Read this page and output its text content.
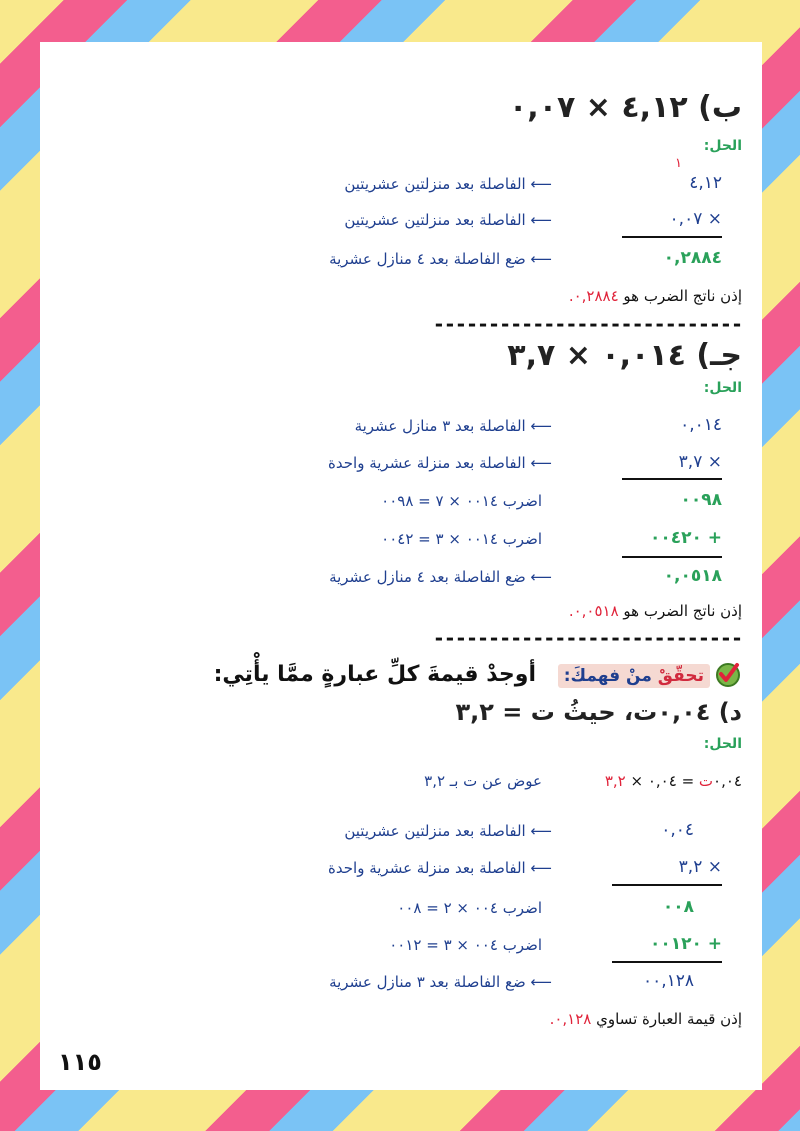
ب) ٤,١٢ × ٠,٠٧
الحل:
١
٤,١٢
⟵ الفاصلة بعد منزلتين عشريتين
× ٠,٠٧
⟵ الفاصلة بعد منزلتين عشريتين
٠,٢٨٨٤
⟵ ضع الفاصلة بعد ٤ منازل عشرية
إذن ناتج الضرب هو ٠,٢٨٨٤.
----------------------------
جـ) ٠,٠١٤ × ٣,٧
الحل:
٠,٠١٤
⟵ الفاصلة بعد ٣ منازل عشرية
× ٣,٧
⟵ الفاصلة بعد منزلة عشرية واحدة
٠٠٩٨
اضرب ٠٠١٤ × ٧ = ٠٠٩٨
+ ٠٠٤٢٠
اضرب ٠٠١٤ × ٣ = ٠٠٤٢
٠,٠٥١٨
⟵ ضع الفاصلة بعد ٤ منازل عشرية
إذن ناتج الضرب هو ٠,٠٥١٨.
----------------------------
تحقّقْ منْ فهمكَ:
أوجدْ قيمةَ كلِّ عبارةٍ ممَّا يأْتِي:
د) ٠,٠٤ت، حيثُ ت = ٣,٢
الحل:
٠,٠٤ت = ٠,٠٤ × ٣,٢
عوض عن ت بـ ٣,٢
٠,٠٤
⟵ الفاصلة بعد منزلتين عشريتين
× ٣,٢
⟵ الفاصلة بعد منزلة عشرية واحدة
٠٠٨
اضرب ٠٠٤ × ٢ = ٠٠٨
+ ٠٠١٢٠
اضرب ٠٠٤ × ٣ = ٠٠١٢
٠٠,١٢٨
⟵ ضع الفاصلة بعد ٣ منازل عشرية
إذن قيمة العبارة تساوي ٠,١٢٨.
١١٥
